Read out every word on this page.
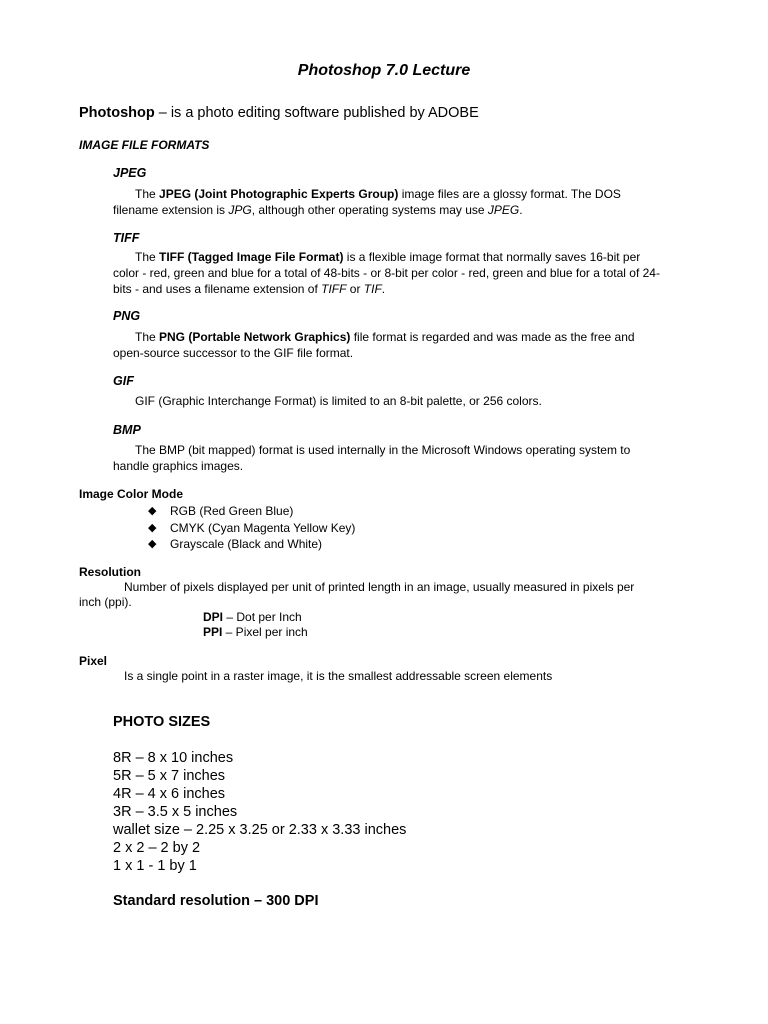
Photoshop 7.0 Lecture
Photoshop – is a photo editing software published by ADOBE
IMAGE FILE FORMATS
JPEG
The JPEG (Joint Photographic Experts Group) image files are a glossy format. The DOS filename extension is JPG, although other operating systems may use JPEG.
TIFF
The TIFF (Tagged Image File Format) is a flexible image format that normally saves 16-bit per color - red, green and blue for a total of 48-bits - or 8-bit per color - red, green and blue for a total of 24-bits - and uses a filename extension of TIFF or TIF.
PNG
The PNG (Portable Network Graphics) file format is regarded and was made as the free and open-source successor to the GIF file format.
GIF
GIF (Graphic Interchange Format) is limited to an 8-bit palette, or 256 colors.
BMP
The BMP (bit mapped) format is used internally in the Microsoft Windows operating system to handle graphics images.
Image Color Mode
◆ RGB (Red Green Blue)
◆ CMYK (Cyan Magenta Yellow Key)
◆ Grayscale (Black and White)
Resolution
Number of pixels displayed per unit of printed length in an image, usually measured in pixels per inch (ppi).
DPI – Dot per Inch
PPI – Pixel per inch
Pixel
Is a single point in a raster image, it is the smallest addressable screen elements
PHOTO SIZES
8R – 8 x 10 inches
5R – 5 x 7 inches
4R – 4 x 6 inches
3R – 3.5 x 5 inches
wallet size – 2.25 x 3.25 or 2.33 x 3.33 inches
2 x 2 – 2 by 2
1 x 1 - 1 by 1
Standard resolution – 300 DPI
